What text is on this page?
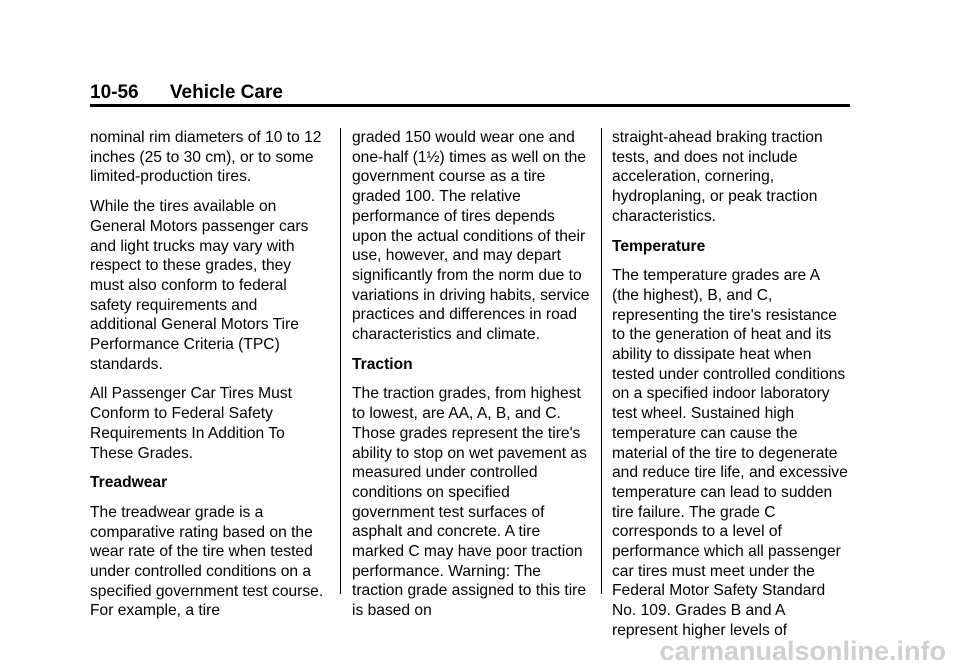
10-56 Vehicle Care

nominal rim diameters of 10 to 12 inches (25 to 30 cm), or to some limited-production tires.

While the tires available on General Motors passenger cars and light trucks may vary with respect to these grades, they must also conform to federal safety requirements and additional General Motors Tire Performance Criteria (TPC) standards.

All Passenger Car Tires Must Conform to Federal Safety Requirements In Addition To These Grades.

Treadwear

The treadwear grade is a comparative rating based on the wear rate of the tire when tested under controlled conditions on a specified government test course. For example, a tire

graded 150 would wear one and one-half (1½) times as well on the government course as a tire graded 100. The relative performance of tires depends upon the actual conditions of their use, however, and may depart significantly from the norm due to variations in driving habits, service practices and differences in road characteristics and climate.

Traction

The traction grades, from highest to lowest, are AA, A, B, and C. Those grades represent the tire's ability to stop on wet pavement as measured under controlled conditions on specified government test surfaces of asphalt and concrete. A tire marked C may have poor traction performance. Warning: The traction grade assigned to this tire is based on

straight-ahead braking traction tests, and does not include acceleration, cornering, hydroplaning, or peak traction characteristics.

Temperature

The temperature grades are A (the highest), B, and C, representing the tire's resistance to the generation of heat and its ability to dissipate heat when tested under controlled conditions on a specified indoor laboratory test wheel. Sustained high temperature can cause the material of the tire to degenerate and reduce tire life, and excessive temperature can lead to sudden tire failure. The grade C corresponds to a level of performance which all passenger car tires must meet under the Federal Motor Safety Standard No. 109. Grades B and A represent higher levels of

carmanualsonline.info
